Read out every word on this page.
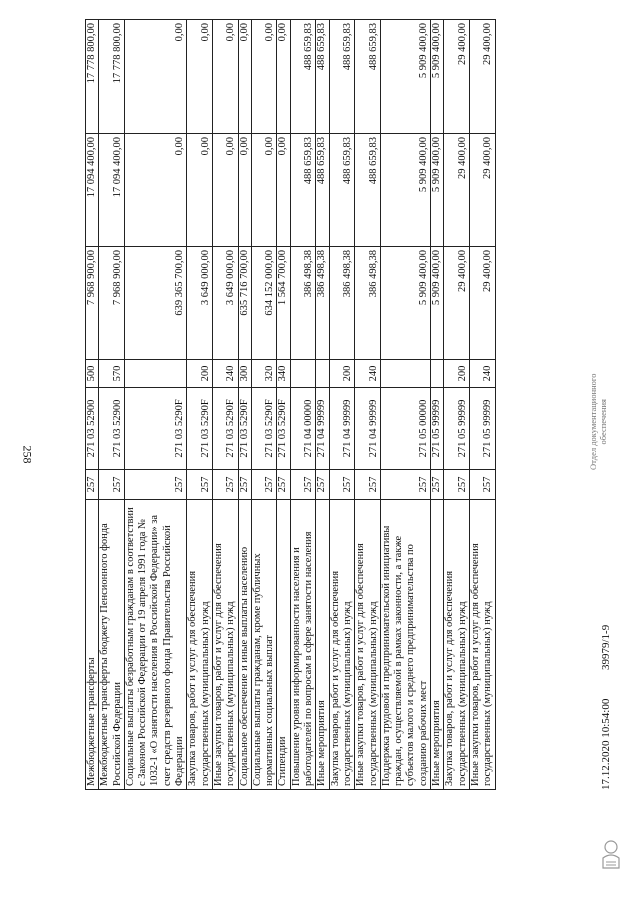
258
Межбюджетные трансферты	257	271 03 52900	500	7 968 900,00	17 094 400,00	17 778 800,00
Межбюджетные трансферты бюджету Пенсионного фонда Российской Федерации	257	271 03 52900	570	7 968 900,00	17 094 400,00	17 778 800,00
Социальные выплаты безработным гражданам в соответствии с Законом Российской Федерации от 19 апреля 1991 года № 1032-1 «О занятости населения в Российской Федерации» за счет средств резервного фонда Правительства Российской Федерации	257	271 03 5290F		639 365 700,00	0,00	0,00
Закупка товаров, работ и услуг для обеспечения государственных (муниципальных) нужд	257	271 03 5290F	200	3 649 000,00	0,00	0,00
Иные закупки товаров, работ и услуг для обеспечения государственных (муниципальных) нужд	257	271 03 5290F	240	3 649 000,00	0,00	0,00
Социальное обеспечение и иные выплаты населению	257	271 03 5290F	300	635 716 700,00	0,00	0,00
Социальные выплаты гражданам, кроме публичных нормативных социальных выплат	257	271 03 5290F	320	634 152 000,00	0,00	0,00
Стипендии	257	271 03 5290F	340	1 564 700,00	0,00	0,00
Повышение уровня информированности населения и работодателей по вопросам в сфере занятости населения	257	271 04 00000		386 498,38	488 659,83	488 659,83
Иные мероприятия	257	271 04 99999		386 498,38	488 659,83	488 659,83
Закупка товаров, работ и услуг для обеспечения государственных (муниципальных) нужд	257	271 04 99999	200	386 498,38	488 659,83	488 659,83
Иные закупки товаров, работ и услуг для обеспечения государственных (муниципальных) нужд	257	271 04 99999	240	386 498,38	488 659,83	488 659,83
Поддержка трудовой и предпринимательской инициативы граждан, осуществляемой в рамках законности, а также субъектов малого и среднего предпринимательства по созданию рабочих мест	257	271 05 00000		5 909 400,00	5 909 400,00	5 909 400,00
Иные мероприятия	257	271 05 99999		5 909 400,00	5 909 400,00	5 909 400,00
Закупка товаров, работ и услуг для обеспечения государственных (муниципальных) нужд	257	271 05 99999	200	29 400,00	29 400,00	29 400,00
Иные закупки товаров, работ и услуг для обеспечения государственных (муниципальных) нужд	257	271 05 99999	240	29 400,00	29 400,00	29 400,00
17.12.2020 10:54:00
39979/1-9
Отдел документационного обеспечения
